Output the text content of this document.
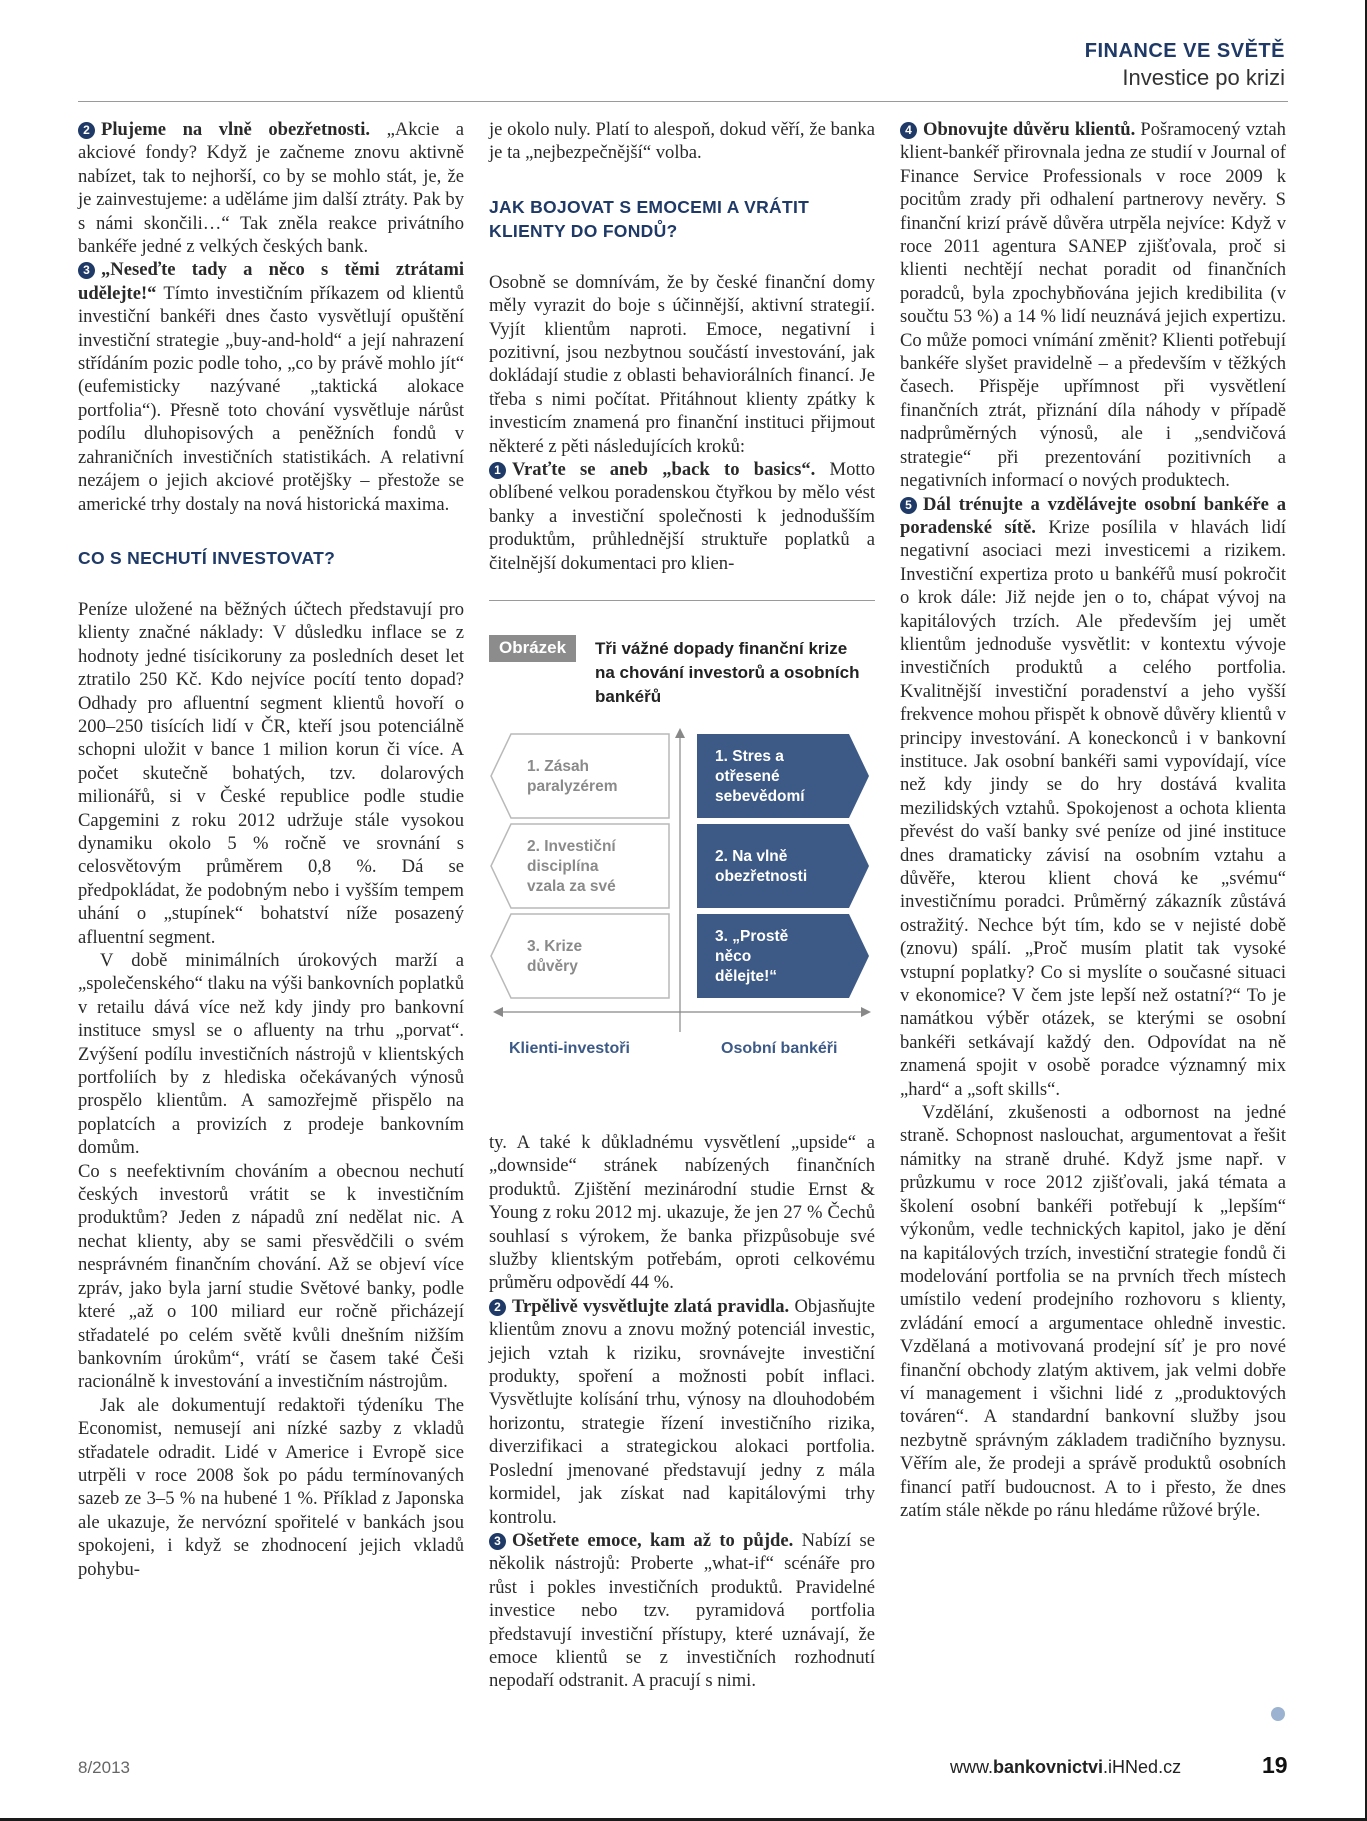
FINANCE VE SVĚTĚ
Investice po krizi

2 Plujeme na vlně obezřetnosti. „Akcie a akciové fondy? Když je začneme znovu aktivně nabízet, tak to nejhorší, co by se mohlo stát, je, že je zainvestujeme: a uděláme jim další ztráty. Pak by s námi skončili…“ Tak zněla reakce privátního bankéře jedné z velkých českých bank.

3 „Neseďte tady a něco s těmi ztrátami udělejte!“ Tímto investičním příkazem od klientů investiční bankéři dnes často vysvětlují opuštění investiční strategie „buy-and-hold“ a její nahrazení střídáním pozic podle toho, „co by právě mohlo jít“ (eufemisticky nazývané „taktická alokace portfolia“). Přesně toto chování vysvětluje nárůst podílu dluhopisových a peněžních fondů v zahraničních investičních statistikách. A relativní nezájem o jejich akciové protějšky – přestože se americké trhy dostaly na nová historická maxima.

CO S NECHUTÍ INVESTOVAT?

Peníze uložené na běžných účtech představují pro klienty značné náklady: V důsledku inflace se z hodnoty jedné tisícikoruny za posledních deset let ztratilo 250 Kč. Kdo nejvíce pocítí tento dopad? Odhady pro afluentní segment klientů hovoří o 200–250 tisících lidí v ČR, kteří jsou potenciálně schopni uložit v bance 1 milion korun či více. A počet skutečně bohatých, tzv. dolarových milionářů, si v České republice podle studie Capgemini z roku 2012 udržuje stále vysokou dynamiku okolo 5 % ročně ve srovnání s celosvětovým průměrem 0,8 %. Dá se předpokládat, že podobným nebo i vyšším tempem uhání o „stupínek“ bohatství níže posazený afluentní segment.

V době minimálních úrokových marží a „společenského“ tlaku na výši bankovních poplatků v retailu dává více než kdy jindy pro bankovní instituce smysl se o afluenty na trhu „porvat“. Zvýšení podílu investičních nástrojů v klientských portfoliích by z hlediska očekávaných výnosů prospělo klientům. A samozřejmě přispělo na poplatcích a provizích z prodeje bankovním domům.

Co s neefektivním chováním a obecnou nechutí českých investorů vrátit se k investičním produktům? Jeden z nápadů zní nedělat nic. A nechat klienty, aby se sami přesvědčili o svém nesprávném finančním chování. Až se objeví více zpráv, jako byla jarní studie Světové banky, podle které „až o 100 miliard eur ročně přicházejí střadatelé po celém světě kvůli dnešním nižším bankovním úrokům“, vrátí se časem také Češi racionálně k investování a investičním nástrojům.

Jak ale dokumentují redaktoři týdeníku The Economist, nemusejí ani nízké sazby z vkladů střadatele odradit. Lidé v Americe i Evropě sice utrpěli v roce 2008 šok po pádu termínovaných sazeb ze 3–5 % na hubené 1 %. Příklad z Japonska ale ukazuje, že nervózní spořitelé v bankách jsou spokojeni, i když se zhodnocení jejich vkladů pohybu-

je okolo nuly. Platí to alespoň, dokud věří, že banka je ta „nejbezpečnější“ volba.

JAK BOJOVAT S EMOCEMI A VRÁTIT KLIENTY DO FONDŮ?

Osobně se domnívám, že by české finanční domy měly vyrazit do boje s účinnější, aktivní strategií. Vyjít klientům naproti. Emoce, negativní i pozitivní, jsou nezbytnou součástí investování, jak dokládají studie z oblasti behaviorálních financí. Je třeba s nimi počítat. Přitáhnout klienty zpátky k investicím znamená pro finanční instituci přijmout některé z pěti následujících kroků:

1 Vraťte se aneb „back to basics“. Motto oblíbené velkou poradenskou čtyřkou by mělo vést banky a investiční společnosti k jednodušším produktům, průhlednější struktuře poplatků a čitelnější dokumentaci pro klien-

Obrázek	Tři vážné dopady finanční krize na chování investorů a osobních bankéřů
1. Zásah paralyzérem
2. Investiční disciplína vzala za své
3. Krize důvěry
1. Stres a otřesené sebevědomí
2. Na vlně obezřetnosti
3. „Prostě něco dělejte!“
Klienti-investoři	Osobní bankéři

ty. A také k důkladnému vysvětlení „upside“ a „downside“ stránek nabízených finančních produktů. Zjištění mezinárodní studie Ernst & Young z roku 2012 mj. ukazuje, že jen 27 % Čechů souhlasí s výrokem, že banka přizpůsobuje své služby klientským potřebám, oproti celkovému průměru odpovědí 44 %.

2 Trpělivě vysvětlujte zlatá pravidla. Objasňujte klientům znovu a znovu možný potenciál investic, jejich vztah k riziku, srovnávejte investiční produkty, spoření a možnosti pobít inflaci. Vysvětlujte kolísání trhu, výnosy na dlouhodobém horizontu, strategie řízení investičního rizika, diverzifikaci a strategickou alokaci portfolia. Poslední jmenované představují jedny z mála kormidel, jak získat nad kapitálovými trhy kontrolu.

3 Ošetřete emoce, kam až to půjde. Nabízí se několik nástrojů: Proberte „what-if“ scénáře pro růst i pokles investičních produktů. Pravidelné investice nebo tzv. pyramidová portfolia představují investiční přístupy, které uznávají, že emoce klientů se z investičních rozhodnutí nepodaří odstranit. A pracují s nimi.

4 Obnovujte důvěru klientů. Pošramocený vztah klient-bankéř přirovnala jedna ze studií v Journal of Finance Service Professionals v roce 2009 k pocitům zrady při odhalení partnerovy nevěry. S finanční krizí právě důvěra utrpěla nejvíce: Když v roce 2011 agentura SANEP zjišťovala, proč si klienti nechtějí nechat poradit od finančních poradců, byla zpochybňována jejich kredibilita (v součtu 53 %) a 14 % lidí neuznává jejich expertizu. Co může pomoci vnímání změnit? Klienti potřebují bankéře slyšet pravidelně – a především v těžkých časech. Přispěje upřímnost při vysvětlení finančních ztrát, přiznání díla náhody v případě nadprůměrných výnosů, ale i „sendvičová strategie“ při prezentování pozitivních a negativních informací o nových produktech.

5 Dál trénujte a vzdělávejte osobní bankéře a poradenské sítě. Krize posílila v hlavách lidí negativní asociaci mezi investicemi a rizikem. Investiční expertiza proto u bankéřů musí pokročit o krok dále: Již nejde jen o to, chápat vývoj na kapitálových trzích. Ale především jej umět klientům jednoduše vysvětlit: v kontextu vývoje investičních produktů a celého portfolia. Kvalitnější investiční poradenství a jeho vyšší frekvence mohou přispět k obnově důvěry klientů v principy investování. A koneckonců i v bankovní instituce. Jak osobní bankéři sami vypovídají, více než kdy jindy se do hry dostává kvalita mezilidských vztahů. Spokojenost a ochota klienta převést do vaší banky své peníze od jiné instituce dnes dramaticky závisí na osobním vztahu a důvěře, kterou klient chová ke „svému“ investičnímu poradci. Průměrný zákazník zůstává ostražitý. Nechce být tím, kdo se v nejisté době (znovu) spálí. „Proč musím platit tak vysoké vstupní poplatky? Co si myslíte o současné situaci v ekonomice? V čem jste lepší než ostatní?“ To je namátkou výběr otázek, se kterými se osobní bankéři setkávají každý den. Odpovídat na ně znamená spojit v osobě poradce významný mix „hard“ a „soft skills“.

Vzdělání, zkušenosti a odbornost na jedné straně. Schopnost naslouchat, argumentovat a řešit námitky na straně druhé. Když jsme např. v průzkumu v roce 2012 zjišťovali, jaká témata a školení osobní bankéři potřebují k „lepším“ výkonům, vedle technických kapitol, jako je dění na kapitálových trzích, investiční strategie fondů či modelování portfolia se na prvních třech místech umístilo vedení prodejního rozhovoru s klienty, zvládání emocí a argumentace ohledně investic. Vzdělaná a motivovaná prodejní síť je pro nové finanční obchody zlatým aktivem, jak velmi dobře ví management i všichni lidé z „produktových továren“. A standardní bankovní služby jsou nezbytně správným základem tradičního byznysu. Věřím ale, že prodeji a správě produktů osobních financí patří budoucnost. A to i přesto, že dnes zatím stále někde po ránu hledáme růžové brýle.

8/2013	www.bankovnictvi.iHNed.cz	19
